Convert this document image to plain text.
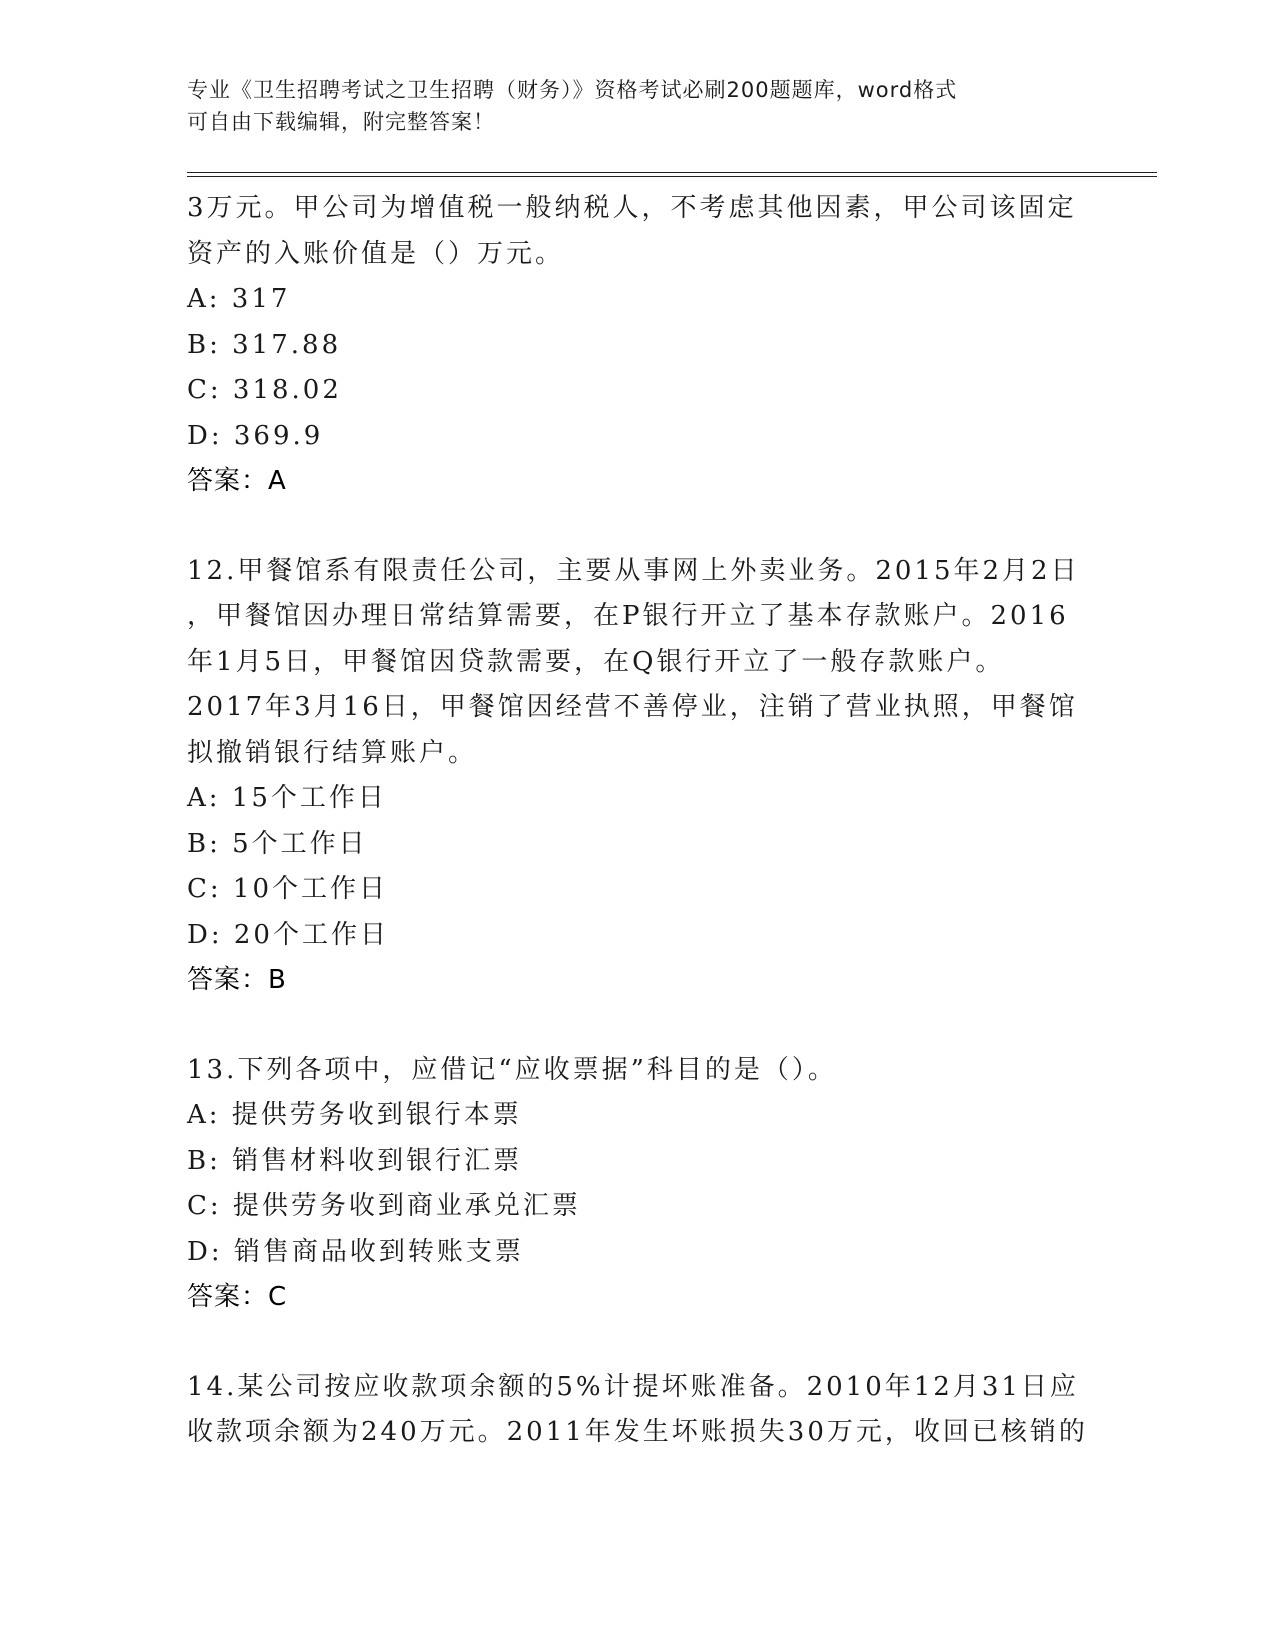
专业《卫生招聘考试之卫生招聘（财务）》资格考试必刷200题题库，word格式
可自由下载编辑，附完整答案！
3万元。甲公司为增值税一般纳税人，不考虑其他因素，甲公司该固定
资产的入账价值是（）万元。
A: 317
B: 317.88
C: 318.02
D: 369.9
答案：A
12.甲餐馆系有限责任公司，主要从事网上外卖业务。2015年2月2日
，甲餐馆因办理日常结算需要，在P银行开立了基本存款账户。2016
年1月5日，甲餐馆因贷款需要，在Q银行开立了一般存款账户。
2017年3月16日，甲餐馆因经营不善停业，注销了营业执照，甲餐馆
拟撤销银行结算账户。
A: 15个工作日
B: 5个工作日
C: 10个工作日
D: 20个工作日
答案：B
13.下列各项中，应借记“应收票据”科目的是（）。
A: 提供劳务收到银行本票
B: 销售材料收到银行汇票
C: 提供劳务收到商业承兑汇票
D: 销售商品收到转账支票
答案：C
14.某公司按应收款项余额的5%计提坏账准备。2010年12月31日应
收款项余额为240万元。2011年发生坏账损失30万元，收回已核销的
